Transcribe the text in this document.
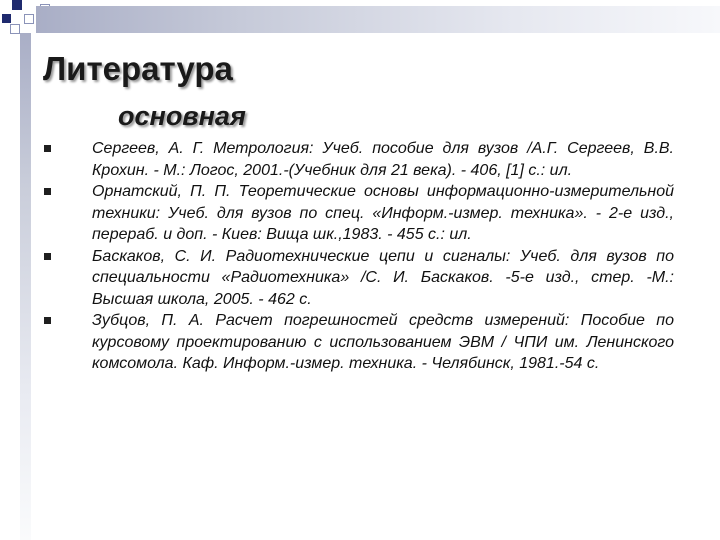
Литература
основная
Сергеев, А. Г. Метрология: Учеб. пособие для вузов /А.Г. Сергеев, В.В. Крохин. - М.: Логос, 2001.-(Учебник для 21 века). - 406, [1] с.: ил.
Орнатский, П. П. Теоретические основы информационно-измерительной техники: Учеб. для вузов по спец. «Информ.-измер. техника». - 2-е изд., перераб. и доп. - Киев: Вища шк.,1983. - 455 с.: ил.
Баскаков, С. И. Радиотехнические цепи и сигналы: Учеб. для вузов по специальности «Радиотехника» /С. И. Баскаков. -5-е изд., стер. -М.: Высшая школа, 2005. - 462 с.
Зубцов, П. А. Расчет погрешностей средств измерений: Пособие по курсовому проектированию с использованием ЭВМ / ЧПИ им. Ленинского комсомола. Каф. Информ.-измер. техника. - Челябинск, 1981.-54 с.
